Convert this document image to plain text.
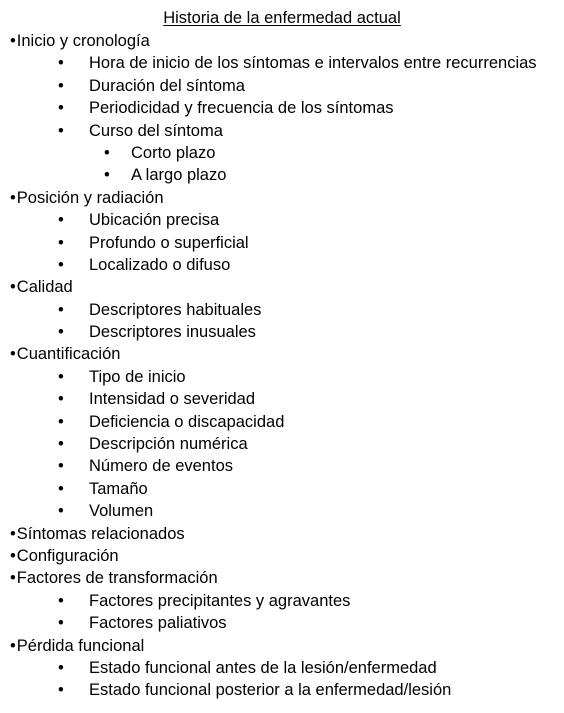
Historia de la enfermedad actual
•Inicio y cronología
• Hora de inicio de los síntomas e intervalos entre recurrencias
• Duración del síntoma
• Periodicidad y frecuencia de los síntomas
• Curso del síntoma
• Corto plazo
• A largo plazo
•Posición y radiación
• Ubicación precisa
• Profundo o superficial
• Localizado o difuso
•Calidad
• Descriptores habituales
• Descriptores inusuales
•Cuantificación
• Tipo de inicio
• Intensidad o severidad
• Deficiencia o discapacidad
• Descripción numérica
• Número de eventos
• Tamaño
• Volumen
•Síntomas relacionados
•Configuración
•Factores de transformación
• Factores precipitantes y agravantes
• Factores paliativos
•Pérdida funcional
• Estado funcional antes de la lesión/enfermedad
• Estado funcional posterior a la enfermedad/lesión
